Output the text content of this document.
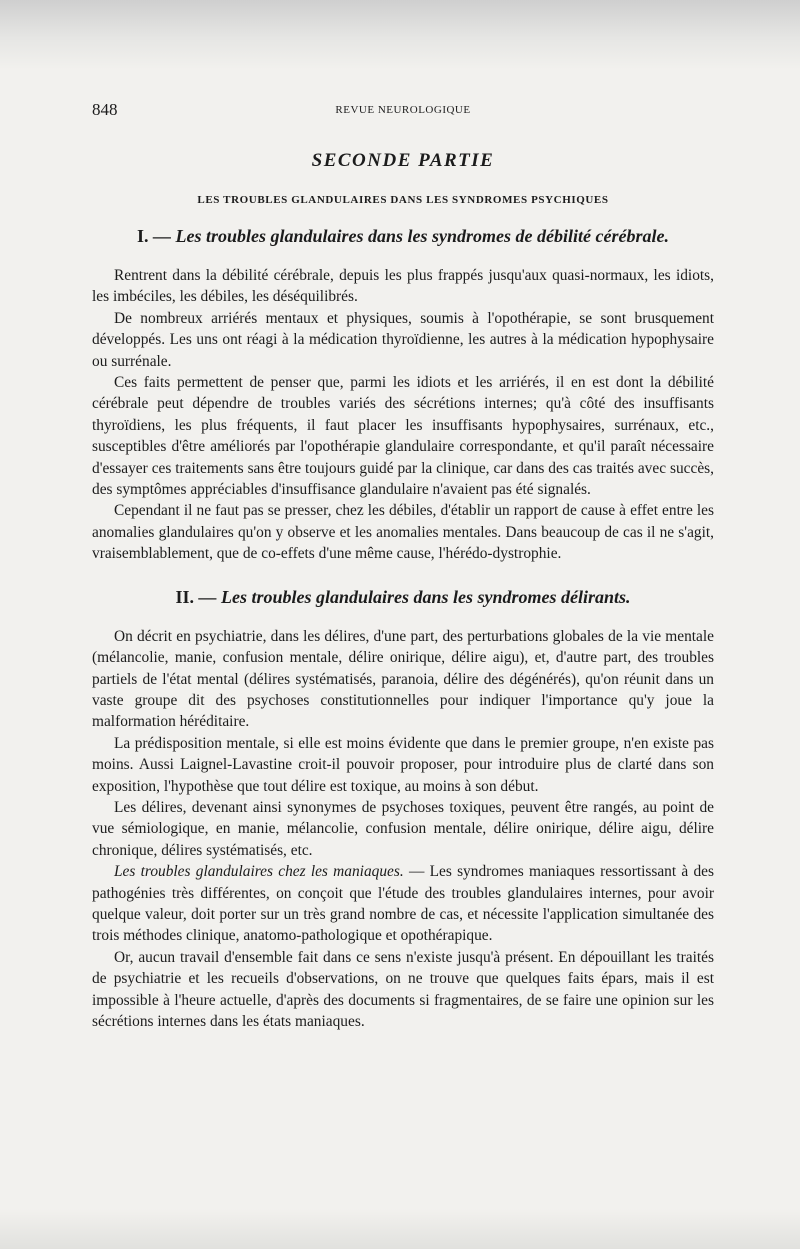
848	REVUE NEUROLOGIQUE
SECONDE PARTIE
LES TROUBLES GLANDULAIRES DANS LES SYNDROMES PSYCHIQUES
I. — Les troubles glandulaires dans les syndromes de débilité cérébrale.

Rentrent dans la débilité cérébrale, depuis les plus frappés jusqu'aux quasi-normaux, les idiots, les imbéciles, les débiles, les déséquilibrés.

De nombreux arriérés mentaux et physiques, soumis à l'opothérapie, se sont brusquement développés. Les uns ont réagi à la médication thyroïdienne, les autres à la médication hypophysaire ou surrénale.

Ces faits permettent de penser que, parmi les idiots et les arriérés, il en est dont la débilité cérébrale peut dépendre de troubles variés des sécrétions internes; qu'à côté des insuffisants thyroïdiens, les plus fréquents, il faut placer les insuffisants hypophysaires, surrénaux, etc., susceptibles d'être améliorés par l'opothérapie glandulaire correspondante, et qu'il paraît nécessaire d'essayer ces traitements sans être toujours guidé par la clinique, car dans des cas traités avec succès, des symptômes appréciables d'insuffisance glandulaire n'avaient pas été signalés.

Cependant il ne faut pas se presser, chez les débiles, d'établir un rapport de cause à effet entre les anomalies glandulaires qu'on y observe et les anomalies mentales. Dans beaucoup de cas il ne s'agit, vraisemblablement, que de co-effets d'une même cause, l'hérédo-dystrophie.

II. — Les troubles glandulaires dans les syndromes délirants.

On décrit en psychiatrie, dans les délires, d'une part, des perturbations globales de la vie mentale (mélancolie, manie, confusion mentale, délire onirique, délire aigu), et, d'autre part, des troubles partiels de l'état mental (délires systématisés, paranoia, délire des dégénérés), qu'on réunit dans un vaste groupe dit des psychoses constitutionnelles pour indiquer l'importance qu'y joue la malformation héréditaire.

La prédisposition mentale, si elle est moins évidente que dans le premier groupe, n'en existe pas moins. Aussi Laignel-Lavastine croit-il pouvoir proposer, pour introduire plus de clarté dans son exposition, l'hypothèse que tout délire est toxique, au moins à son début.

Les délires, devenant ainsi synonymes de psychoses toxiques, peuvent être rangés, au point de vue sémiologique, en manie, mélancolie, confusion mentale, délire onirique, délire aigu, délire chronique, délires systématisés, etc.

Les troubles glandulaires chez les maniaques. — Les syndromes maniaques ressortissant à des pathogénies très différentes, on conçoit que l'étude des troubles glandulaires internes, pour avoir quelque valeur, doit porter sur un très grand nombre de cas, et nécessite l'application simultanée des trois méthodes clinique, anatomo-pathologique et opothérapique.

Or, aucun travail d'ensemble fait dans ce sens n'existe jusqu'à présent. En dépouillant les traités de psychiatrie et les recueils d'observations, on ne trouve que quelques faits épars, mais il est impossible à l'heure actuelle, d'après des documents si fragmentaires, de se faire une opinion sur les sécrétions internes dans les états maniaques.
